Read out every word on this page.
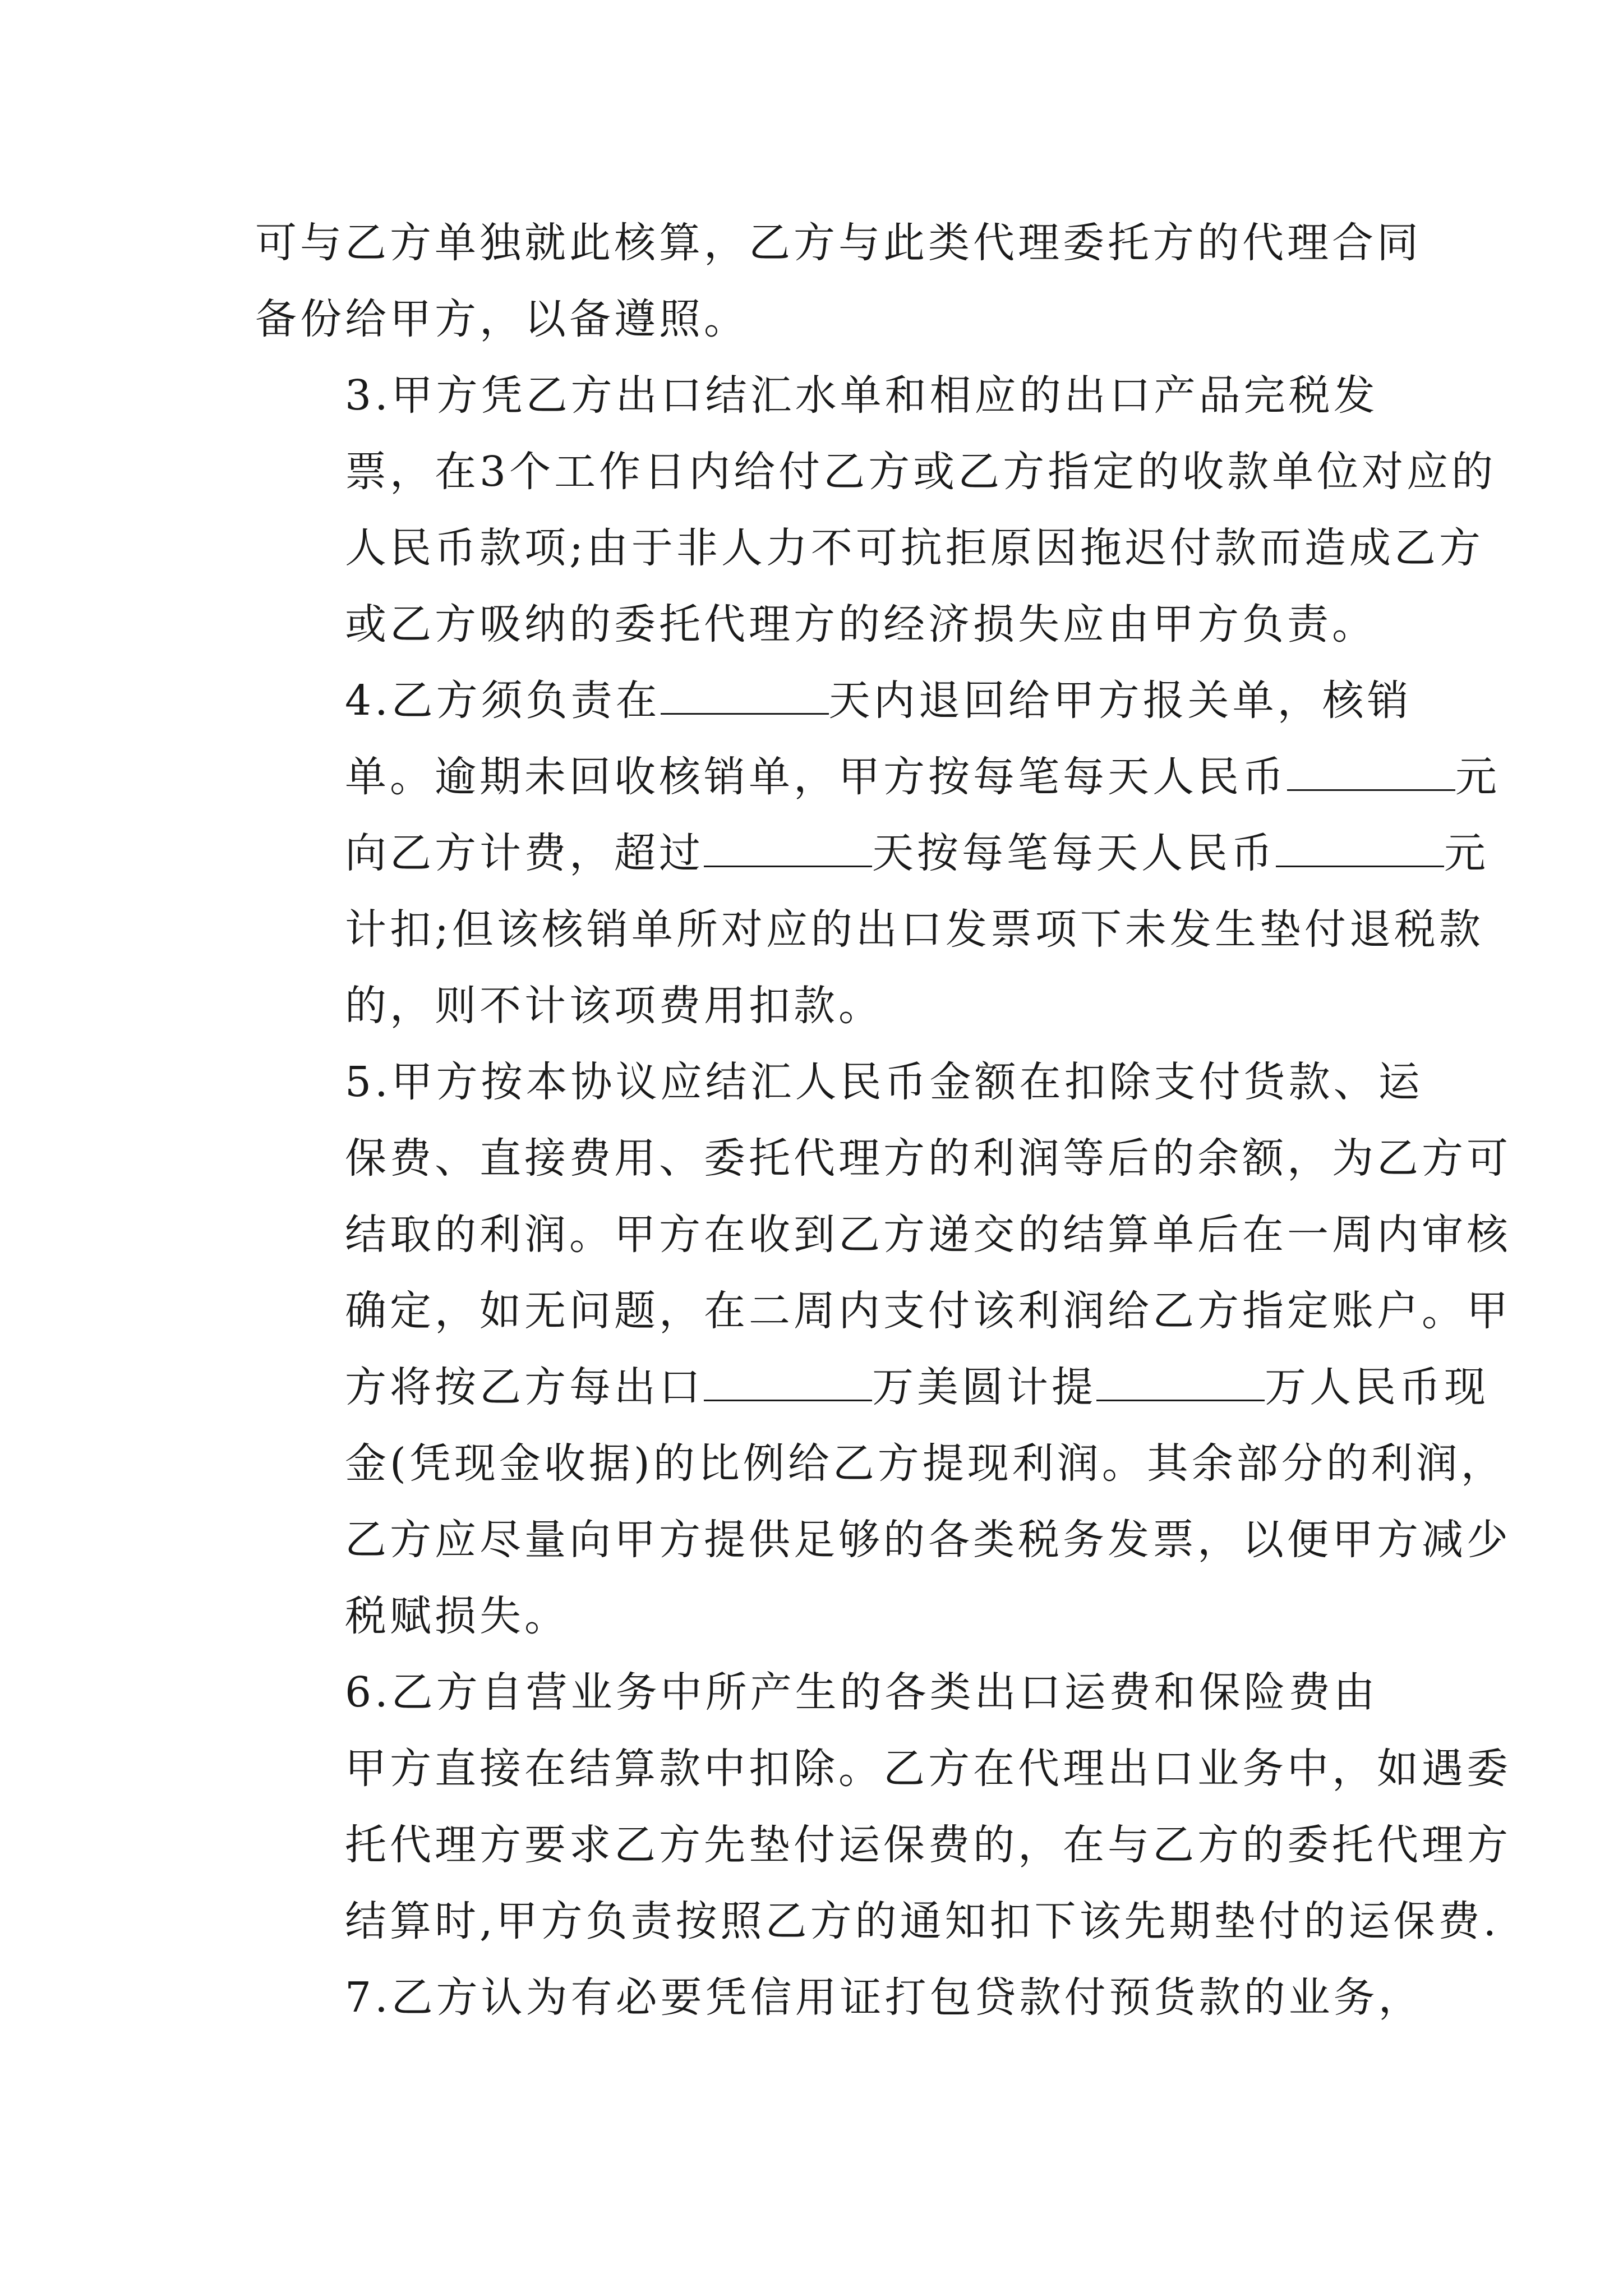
可与乙方单独就此核算，乙方与此类代理委托方的代理合同
备份给甲方，以备遵照。

3.甲方凭乙方出口结汇水单和相应的出口产品完税发
票，在3个工作日内给付乙方或乙方指定的收款单位对应的
人民币款项;由于非人力不可抗拒原因拖迟付款而造成乙方
或乙方吸纳的委托代理方的经济损失应由甲方负责。

4.乙方须负责在	天内退回给甲方报关单，核销
单。逾期未回收核销单，甲方按每笔每天人民币	元
向乙方计费，超过	天按每笔每天人民币	元
计扣;但该核销单所对应的出口发票项下未发生垫付退税款
的，则不计该项费用扣款。

5.甲方按本协议应结汇人民币金额在扣除支付货款、运
保费、直接费用、委托代理方的利润等后的余额，为乙方可
结取的利润。甲方在收到乙方递交的结算单后在一周内审核
确定，如无问题，在二周内支付该利润给乙方指定账户。甲
方将按乙方每出口	万美圆计提	万人民币现
金(凭现金收据)的比例给乙方提现利润。其余部分的利润，
乙方应尽量向甲方提供足够的各类税务发票，以便甲方减少
税赋损失。

6.乙方自营业务中所产生的各类出口运费和保险费由
甲方直接在结算款中扣除。乙方在代理出口业务中，如遇委
托代理方要求乙方先垫付运保费的，在与乙方的委托代理方
结算时,甲方负责按照乙方的通知扣下该先期垫付的运保费.

7.乙方认为有必要凭信用证打包贷款付预货款的业务，
